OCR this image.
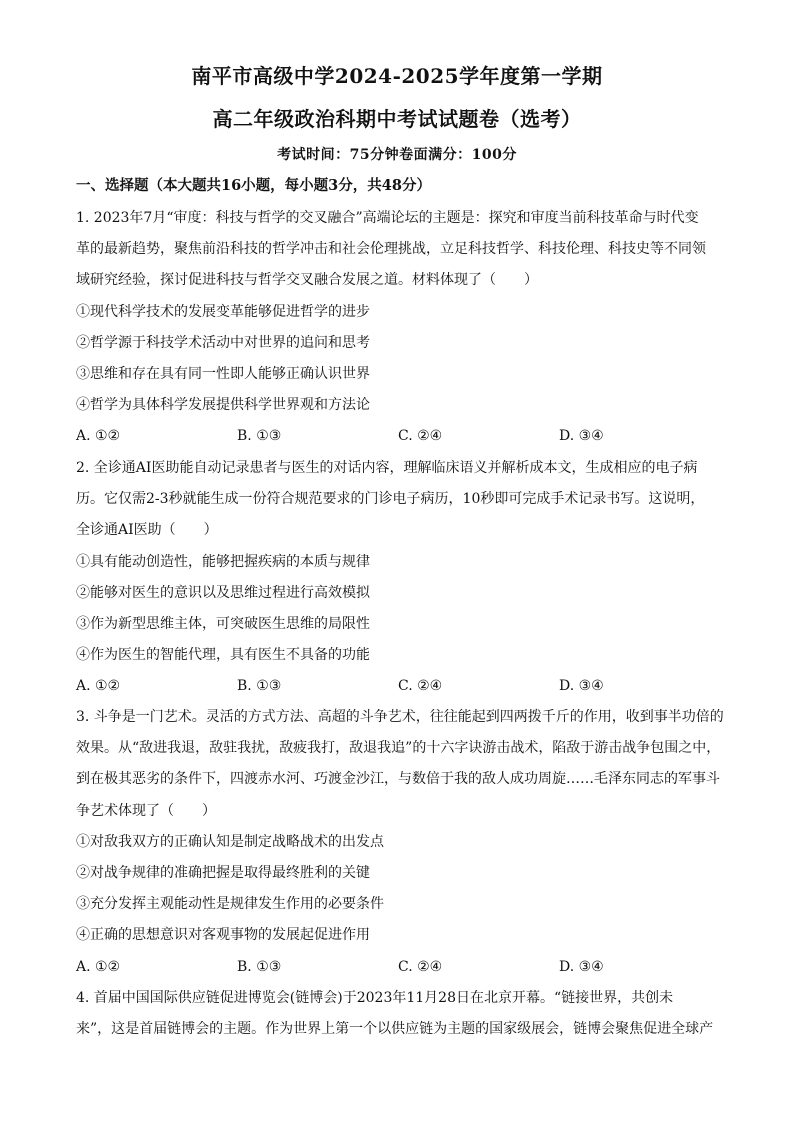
南平市高级中学2024-2025学年度第一学期
高二年级政治科期中考试试题卷（选考）
考试时间：75分钟卷面满分：100分
一、选择题（本大题共16小题，每小题3分，共48分）

1. 2023年7月“审度：科技与哲学的交叉融合”高端论坛的主题是：探究和审度当前科技革命与时代变

革的最新趋势，聚焦前沿科技的哲学冲击和社会伦理挑战，立足科技哲学、科技伦理、科技史等不同领

域研究经验，探讨促进科技与哲学交叉融合发展之道。材料体现了（　　）

①现代科学技术的发展变革能够促进哲学的进步

②哲学源于科技学术活动中对世界的追问和思考

③思维和存在具有同一性即人能够正确认识世界

④哲学为具体科学发展提供科学世界观和方法论

A. ①②	B. ①③	C. ②④	D. ③④

2. 全诊通AI医助能自动记录患者与医生的对话内容，理解临床语义并解析成本文，生成相应的电子病

历。它仅需2-3秒就能生成一份符合规范要求的门诊电子病历，10秒即可完成手术记录书写。这说明，

全诊通AI医助（　　）

①具有能动创造性，能够把握疾病的本质与规律

②能够对医生的意识以及思维过程进行高效模拟

③作为新型思维主体，可突破医生思维的局限性

④作为医生的智能代理，具有医生不具备的功能

A. ①②	B. ①③	C. ②④	D. ③④

3. 斗争是一门艺术。灵活的方式方法、高超的斗争艺术，往往能起到四两拨千斤的作用，收到事半功倍的

效果。从“敌进我退，敌驻我扰，敌疲我打，敌退我追”的十六字诀游击战术，陷敌于游击战争包围之中，

到在极其恶劣的条件下，四渡赤水河、巧渡金沙江，与数倍于我的敌人成功周旋……毛泽东同志的军事斗

争艺术体现了（　　）

①对敌我双方的正确认知是制定战略战术的出发点

②对战争规律的准确把握是取得最终胜利的关键

③充分发挥主观能动性是规律发生作用的必要条件

④正确的思想意识对客观事物的发展起促进作用

A. ①②	B. ①③	C. ②④	D. ③④

4. 首届中国国际供应链促进博览会(链博会)于2023年11月28日在北京开幕。“链接世界，共创未

来”，这是首届链博会的主题。作为世界上第一个以供应链为主题的国家级展会，链博会聚焦促进全球产
